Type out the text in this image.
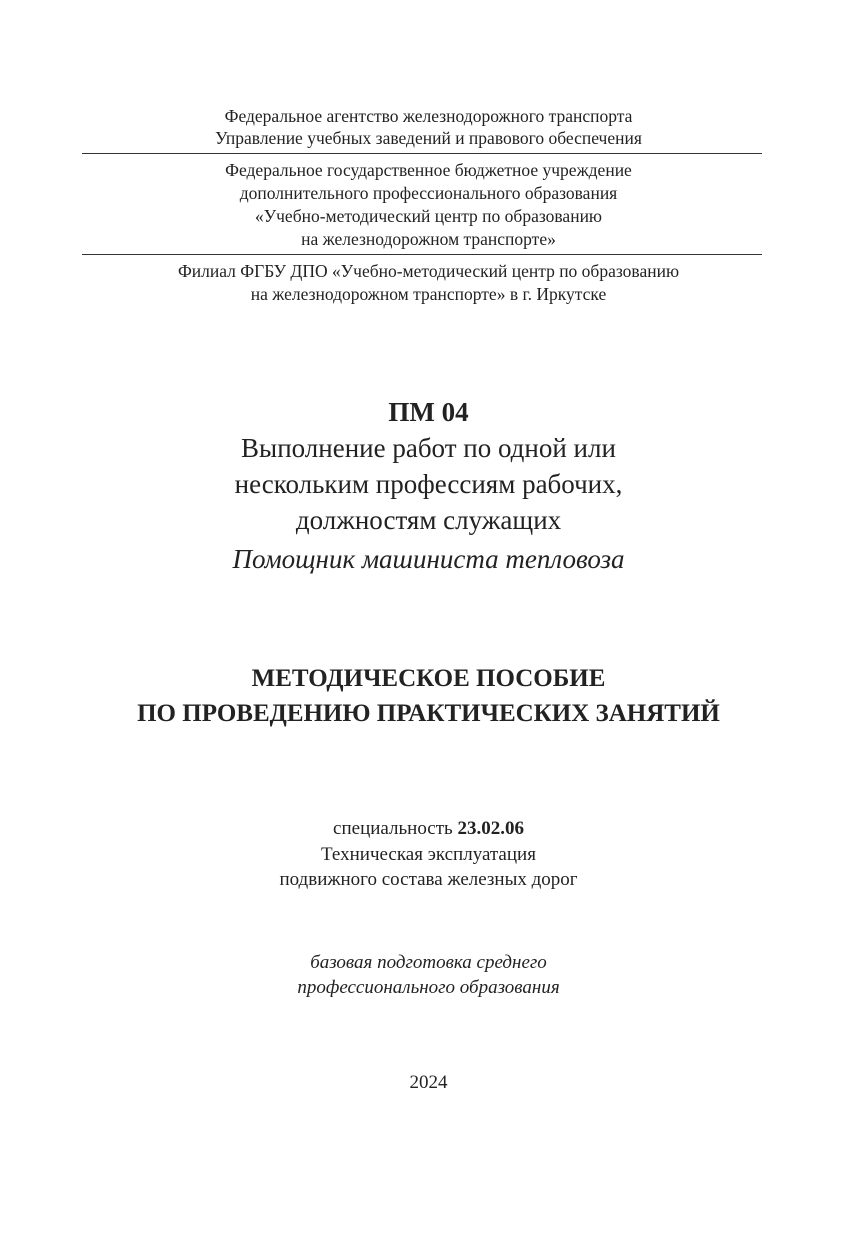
Федеральное агентство железнодорожного транспорта
Управление учебных заведений и правового обеспечения
Федеральное государственное бюджетное учреждение
дополнительного профессионального образования
«Учебно-методический центр по образованию
на железнодорожном транспорте»
Филиал ФГБУ ДПО «Учебно-методический центр по образованию
на железнодорожном транспорте» в г. Иркутске
ПМ 04
Выполнение работ по одной или
нескольким профессиям рабочих,
должностям служащих
Помощник машиниста тепловоза
МЕТОДИЧЕСКОЕ ПОСОБИЕ
ПО ПРОВЕДЕНИЮ ПРАКТИЧЕСКИХ ЗАНЯТИЙ
специальность 23.02.06
Техническая эксплуатация
подвижного состава железных дорог
базовая подготовка среднего
профессионального образования
2024
